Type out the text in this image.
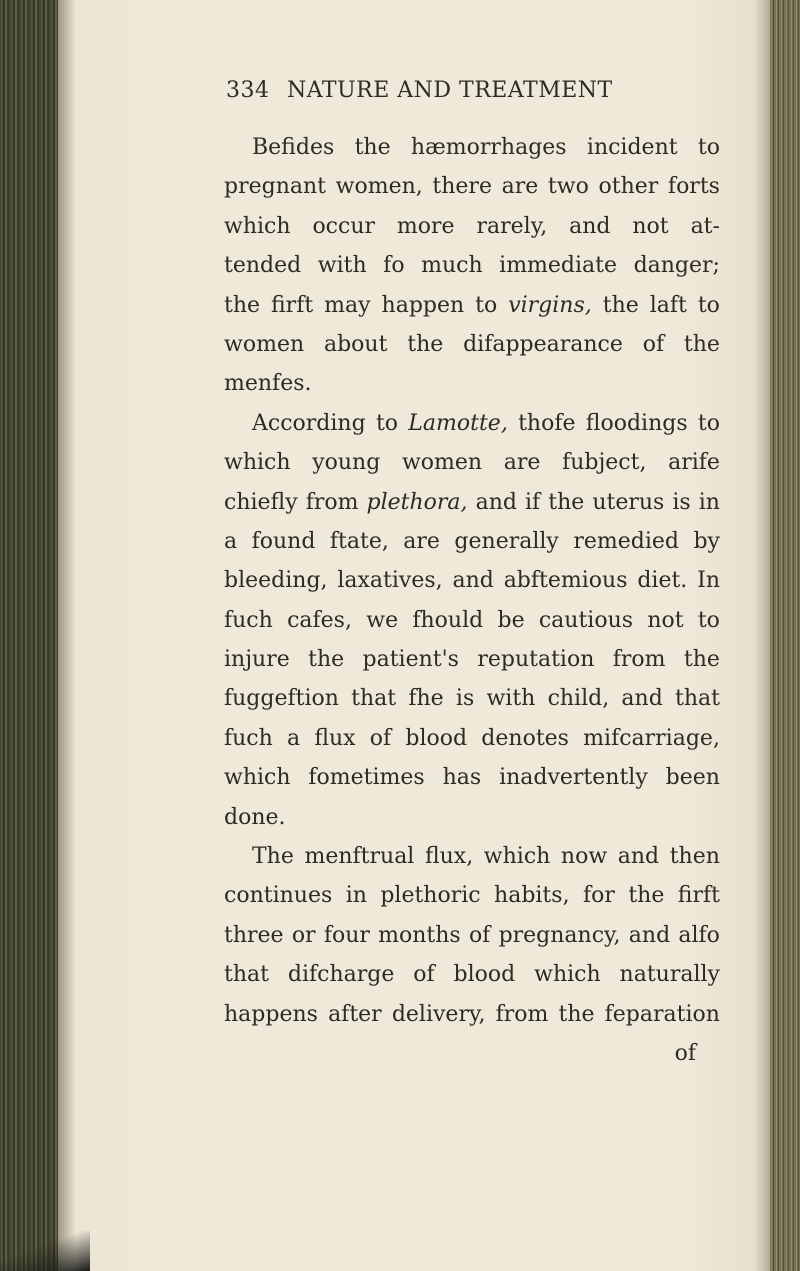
334 NATURE AND TREATMENT
Befides the hæmorrhages incident to
pregnant women, there are two other forts
which occur more rarely, and not at-
tended with fo much immediate danger;
the firft may happen to virgins, the laft to
women about the difappearance of the
menfes.
According to Lamotte, thofe floodings to
which young women are fubject, arife
chiefly from plethora, and if the uterus is in
a found ftate, are generally remedied by
bleeding, laxatives, and abftemious diet. In
fuch cafes, we fhould be cautious not to
injure the patient's reputation from the
fuggeftion that fhe is with child, and that
fuch a flux of blood denotes mifcarriage,
which fometimes has inadvertently been
done.
The menftrual flux, which now and then
continues in plethoric habits, for the firft
three or four months of pregnancy, and alfo
that difcharge of blood which naturally
happens after delivery, from the feparation
of
